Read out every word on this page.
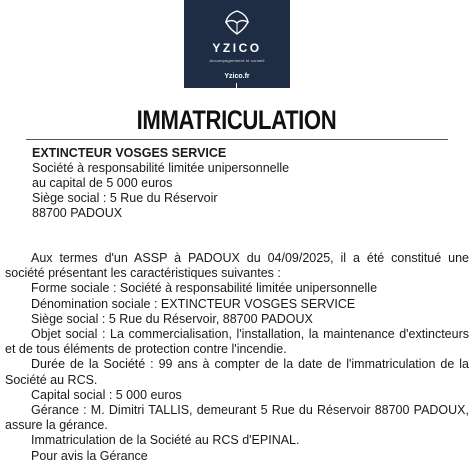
YZICO
Accompagnement et conseil
Yzico.fr
IMMATRICULATION
EXTINCTEUR VOSGES SERVICE
Société à responsabilité limitée unipersonnelle
au capital de 5 000 euros
Siège social : 5 Rue du Réservoir
88700 PADOUX

Aux termes d'un ASSP à PADOUX du 04/09/2025, il a été constitué une société présentant les caractéristiques suivantes :

Forme sociale : Société à responsabilité limitée unipersonnelle
Dénomination sociale : EXTINCTEUR VOSGES SERVICE
Siège social : 5 Rue du Réservoir, 88700 PADOUX

Objet social : La commercialisation, l'installation, la maintenance d'extincteurs et de tous éléments de protection contre l'incendie.

Durée de la Société : 99 ans à compter de la date de l'immatriculation de la Société au RCS.

Capital social : 5 000 euros

Gérance : M. Dimitri TALLIS, demeurant 5 Rue du Réservoir 88700 PADOUX, assure la gérance.

Immatriculation de la Société au RCS d'EPINAL.
Pour avis la Gérance
